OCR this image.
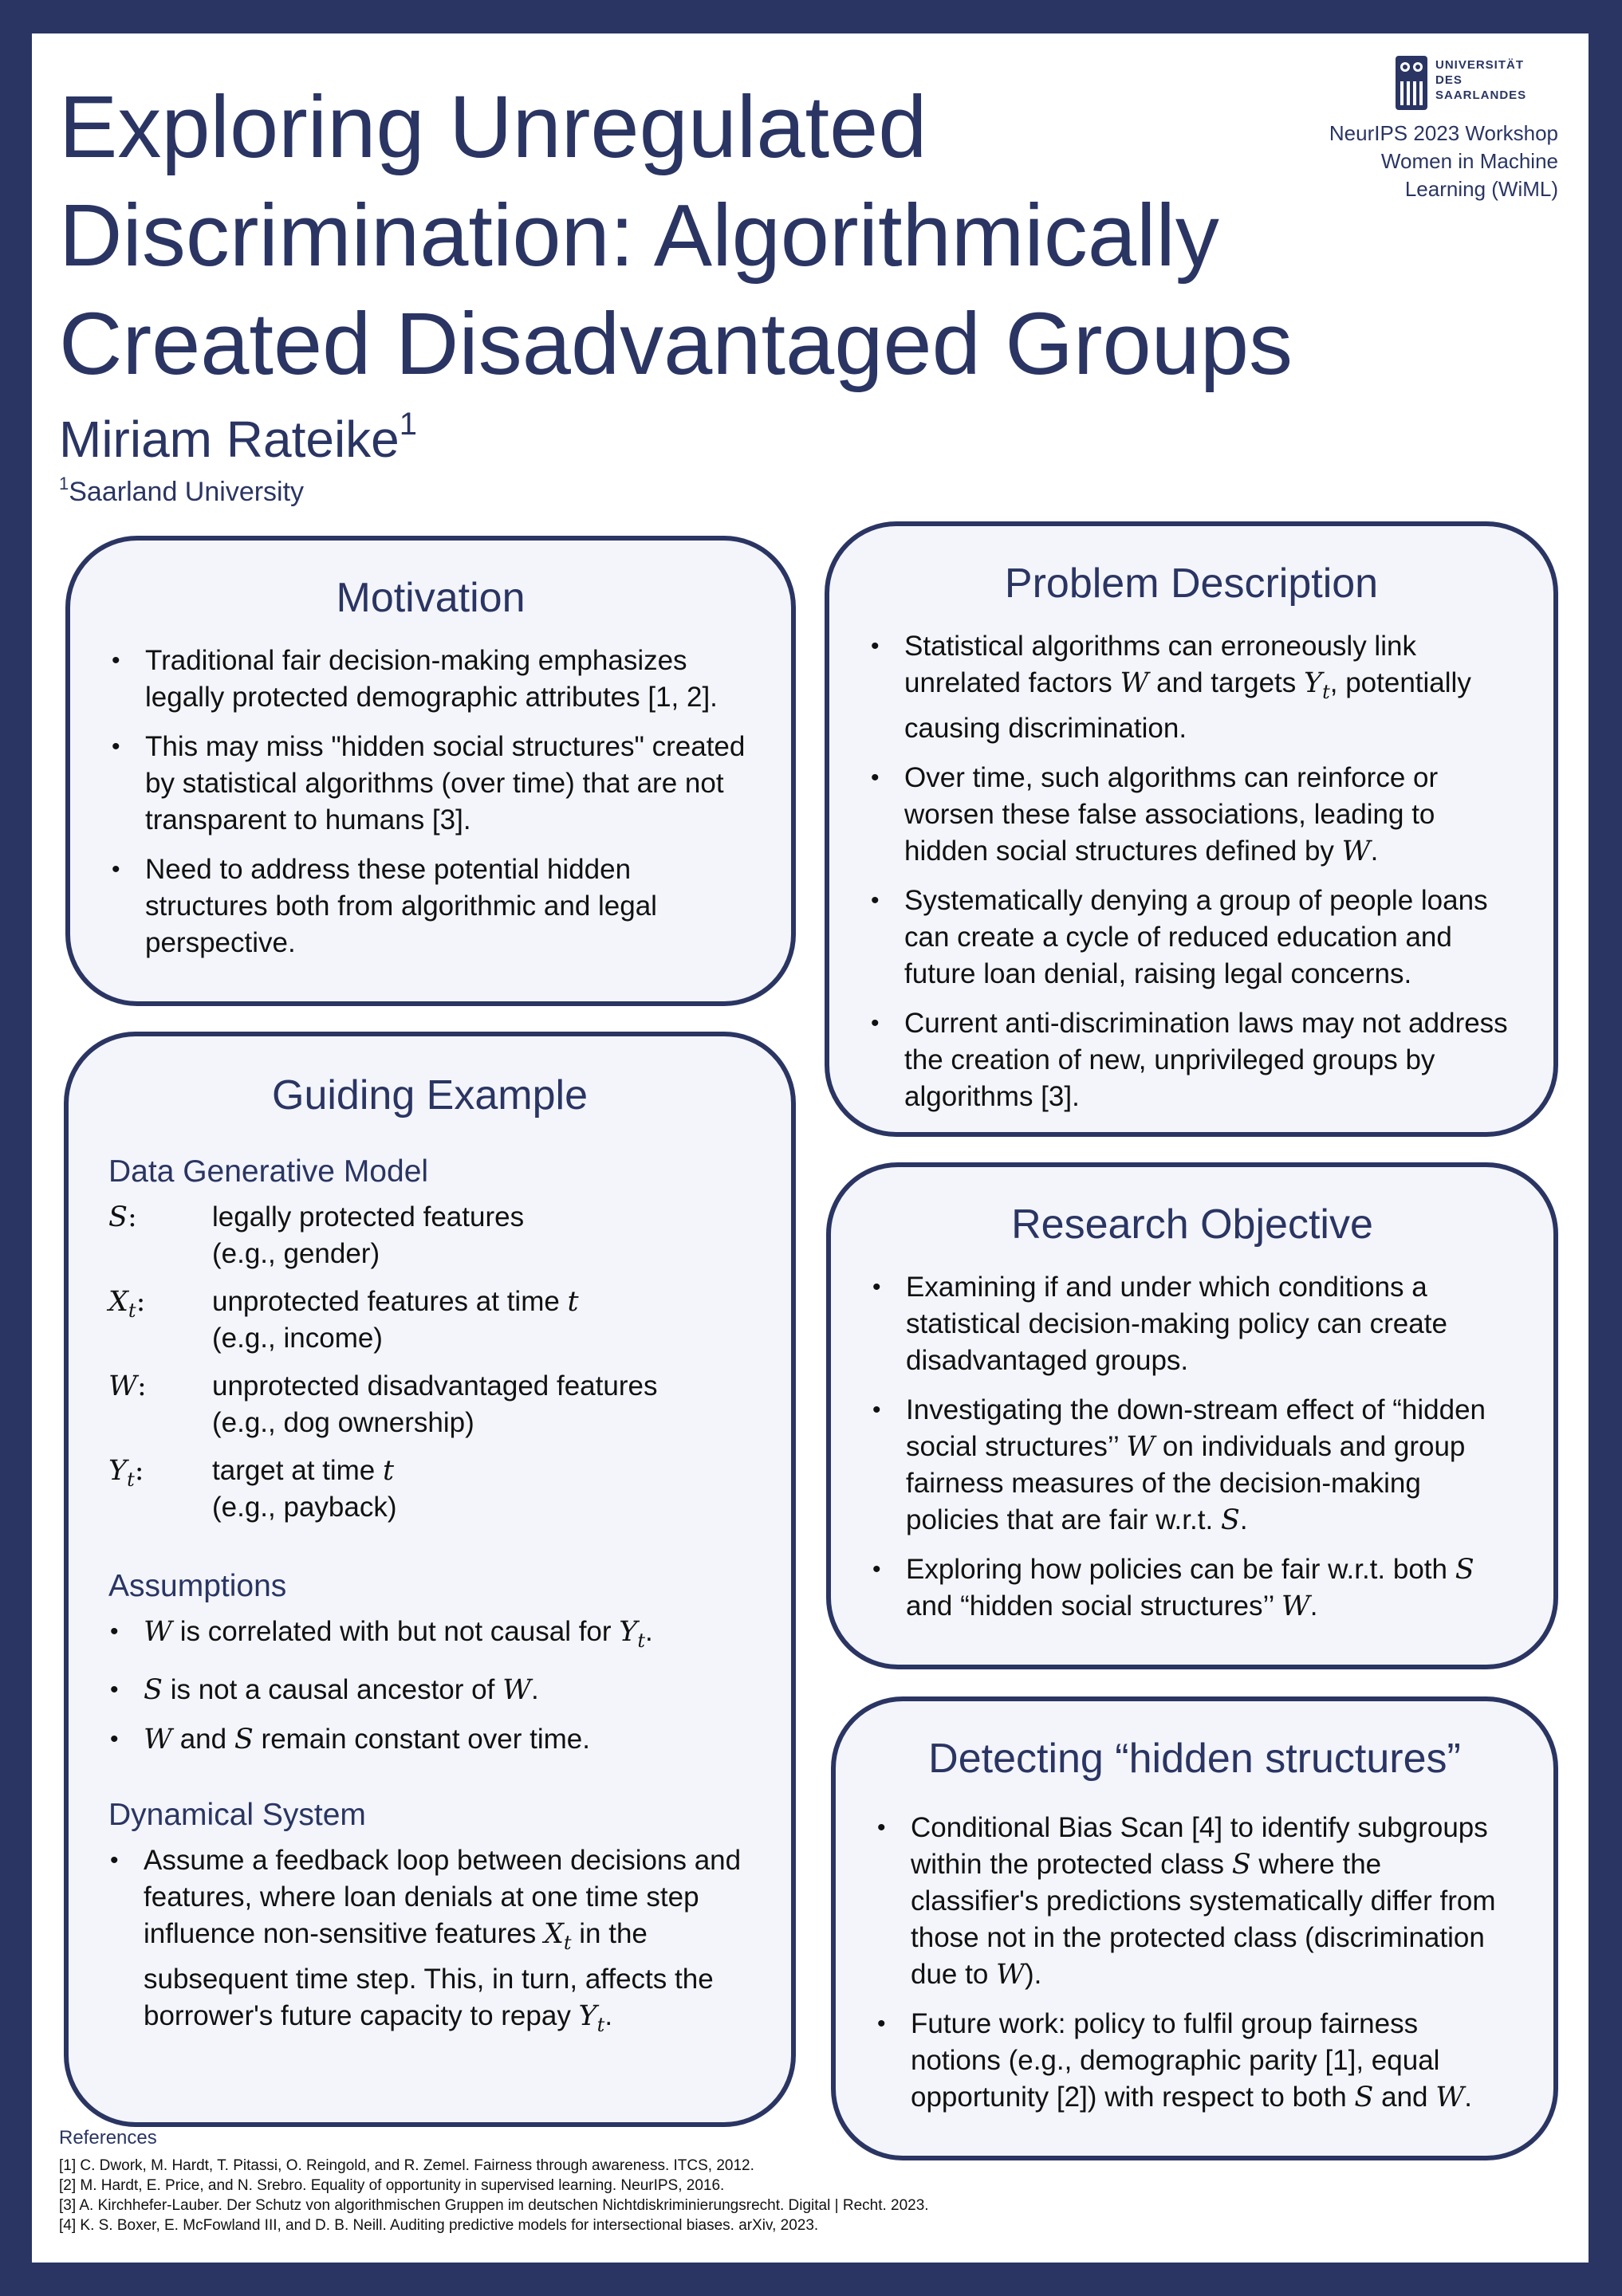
Exploring Unregulated
Discrimination: Algorithmically
Created Disadvantaged Groups
Miriam Rateike$^1$
$^1$Saarland University
UNIVERSITÄT
DES
SAARLANDES
NeurIPS 2023 Workshop
Women in Machine
Learning (WiML)
Motivation
• Traditional fair decision-making emphasizes legally protected demographic attributes [1, 2].
• This may miss "hidden social structures" created by statistical algorithms (over time) that are not transparent to humans [3].
• Need to address these potential hidden structures both from algorithmic and legal perspective.
Problem Description
• Statistical algorithms can erroneously link unrelated factors W and targets $Y_t$, potentially causing discrimination.
• Over time, such algorithms can reinforce or worsen these false associations, leading to hidden social structures defined by W.
• Systematically denying a group of people loans can create a cycle of reduced education and future loan denial, raising legal concerns.
• Current anti-discrimination laws may not address the creation of new, unprivileged groups by algorithms [3].
Guiding Example
Data Generative Model
S:	legally protected features
(e.g., gender)
$X_t$:	unprotected features at time t
(e.g., income)
W:	unprotected disadvantaged features
(e.g., dog ownership)
$Y_t$:	target at time t
(e.g., payback)
Assumptions
• W is correlated with but not causal for $Y_t$.
• S is not a causal ancestor of W.
• W and S remain constant over time.
Dynamical System
• Assume a feedback loop between decisions and features, where loan denials at one time step influence non-sensitive features $X_t$ in the subsequent time step. This, in turn, affects the borrower's future capacity to repay $Y_t$.
Research Objective
• Examining if and under which conditions a statistical decision-making policy can create disadvantaged groups.
• Investigating the down-stream effect of “hidden social structures’’ W on individuals and group fairness measures of the decision-making policies that are fair w.r.t. S.
• Exploring how policies can be fair w.r.t. both S and “hidden social structures’’ W.
Detecting “hidden structures”
• Conditional Bias Scan [4] to identify subgroups within the protected class S where the classifier's predictions systematically differ from those not in the protected class (discrimination due to W).
• Future work: policy to fulfil group fairness notions (e.g., demographic parity [1], equal opportunity [2]) with respect to both S and W.
References
[1] C. Dwork, M. Hardt, T. Pitassi, O. Reingold, and R. Zemel. Fairness through awareness. ITCS, 2012.
[2] M. Hardt, E. Price, and N. Srebro. Equality of opportunity in supervised learning. NeurIPS, 2016.
[3] A. Kirchhefer-Lauber. Der Schutz von algorithmischen Gruppen im deutschen Nichtdiskriminierungsrecht. Digital | Recht. 2023.
[4] K. S. Boxer, E. McFowland III, and D. B. Neill. Auditing predictive models for intersectional biases. arXiv, 2023.
